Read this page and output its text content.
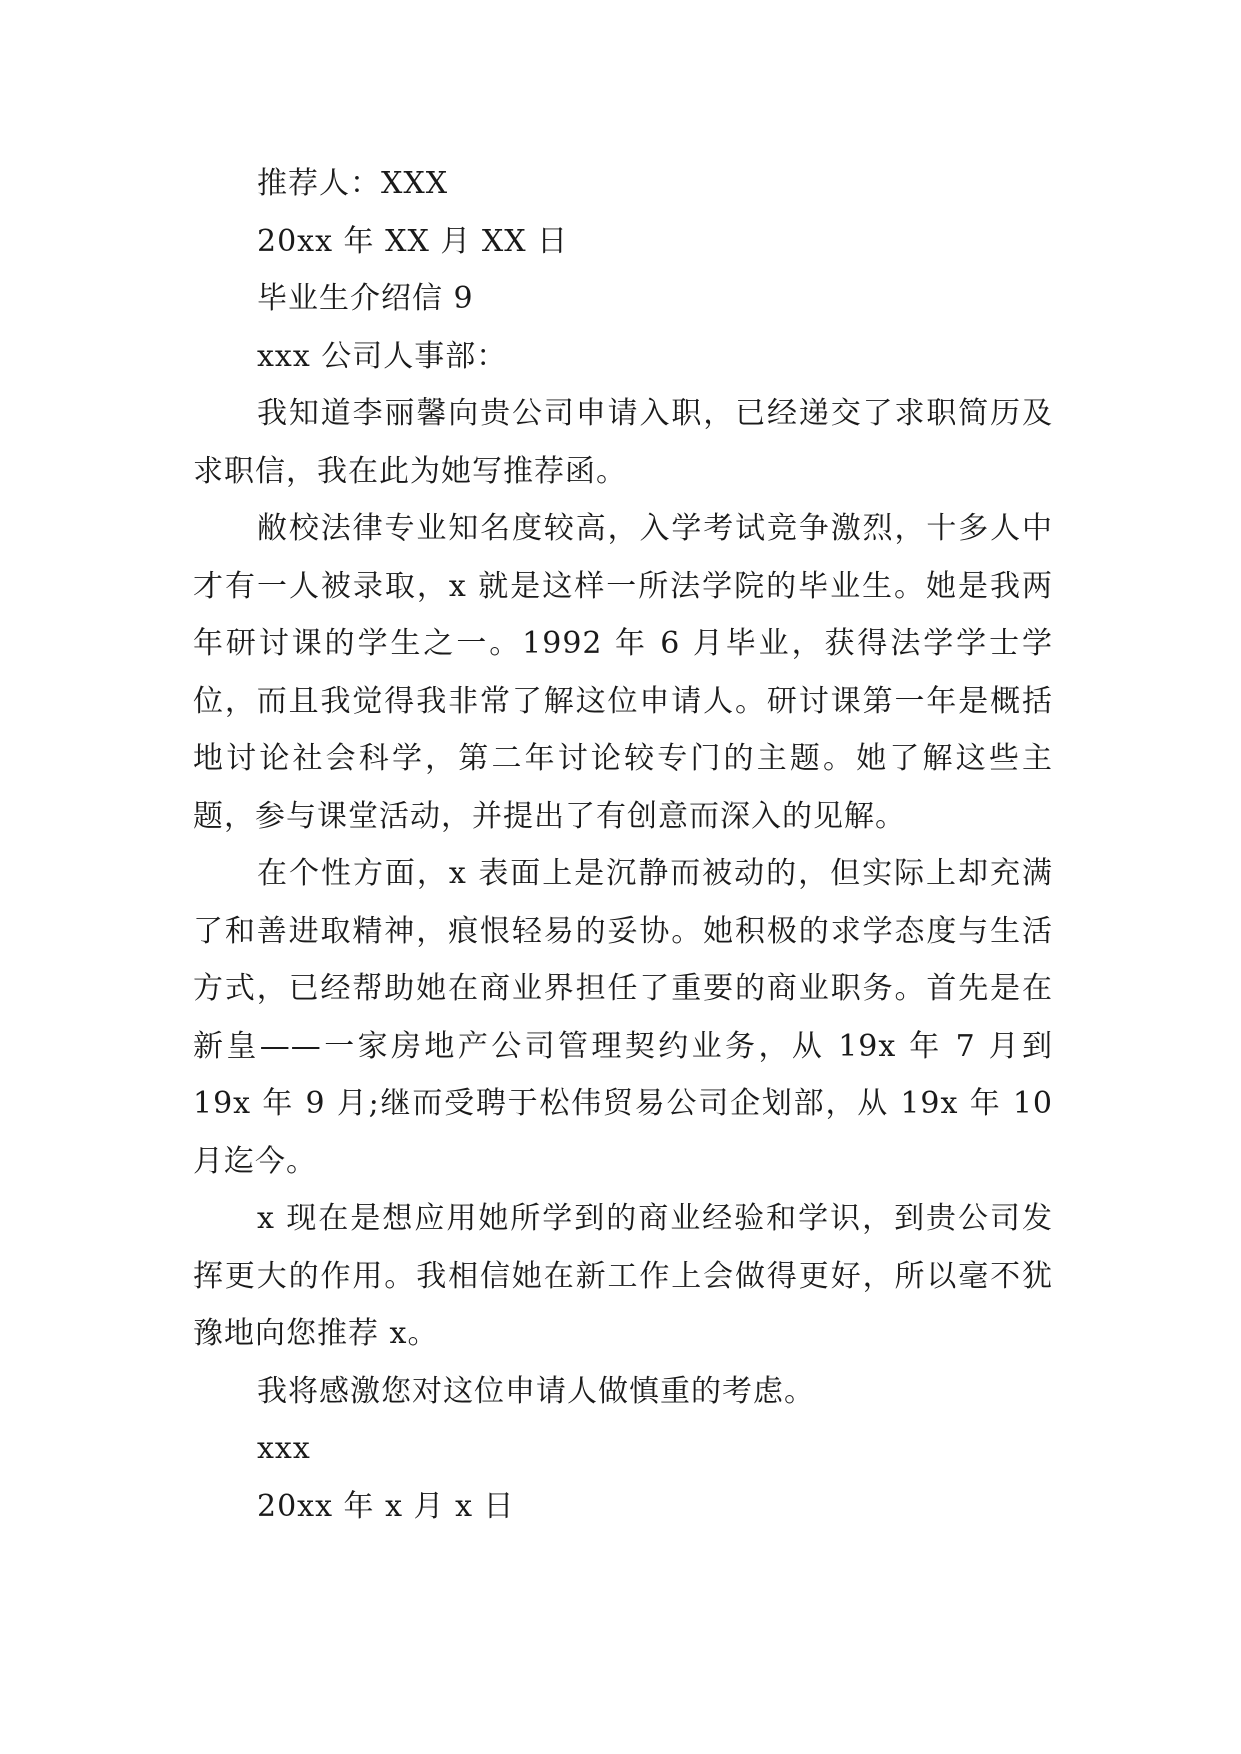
推荐人：XXX
20xx 年 XX 月 XX 日
毕业生介绍信 9
xxx 公司人事部：

我知道李丽馨向贵公司申请入职，已经递交了求职简历及求职信，我在此为她写推荐函。

敝校法律专业知名度较高，入学考试竞争激烈，十多人中才有一人被录取，x 就是这样一所法学院的毕业生。她是我两年研讨课的学生之一。1992 年 6 月毕业，获得法学学士学位，而且我觉得我非常了解这位申请人。研讨课第一年是概括地讨论社会科学，第二年讨论较专门的主题。她了解这些主题，参与课堂活动，并提出了有创意而深入的见解。

在个性方面，x 表面上是沉静而被动的，但实际上却充满了和善进取精神，痕恨轻易的妥协。她积极的求学态度与生活方式，已经帮助她在商业界担任了重要的商业职务。首先是在新皇——一家房地产公司管理契约业务，从 19x 年 7 月到 19x 年 9 月;继而受聘于松伟贸易公司企划部，从 19x 年 10 月迄今。

x 现在是想应用她所学到的商业经验和学识，到贵公司发挥更大的作用。我相信她在新工作上会做得更好，所以毫不犹豫地向您推荐 x。

我将感激您对这位申请人做慎重的考虑。

xxx
20xx 年 x 月 x 日
